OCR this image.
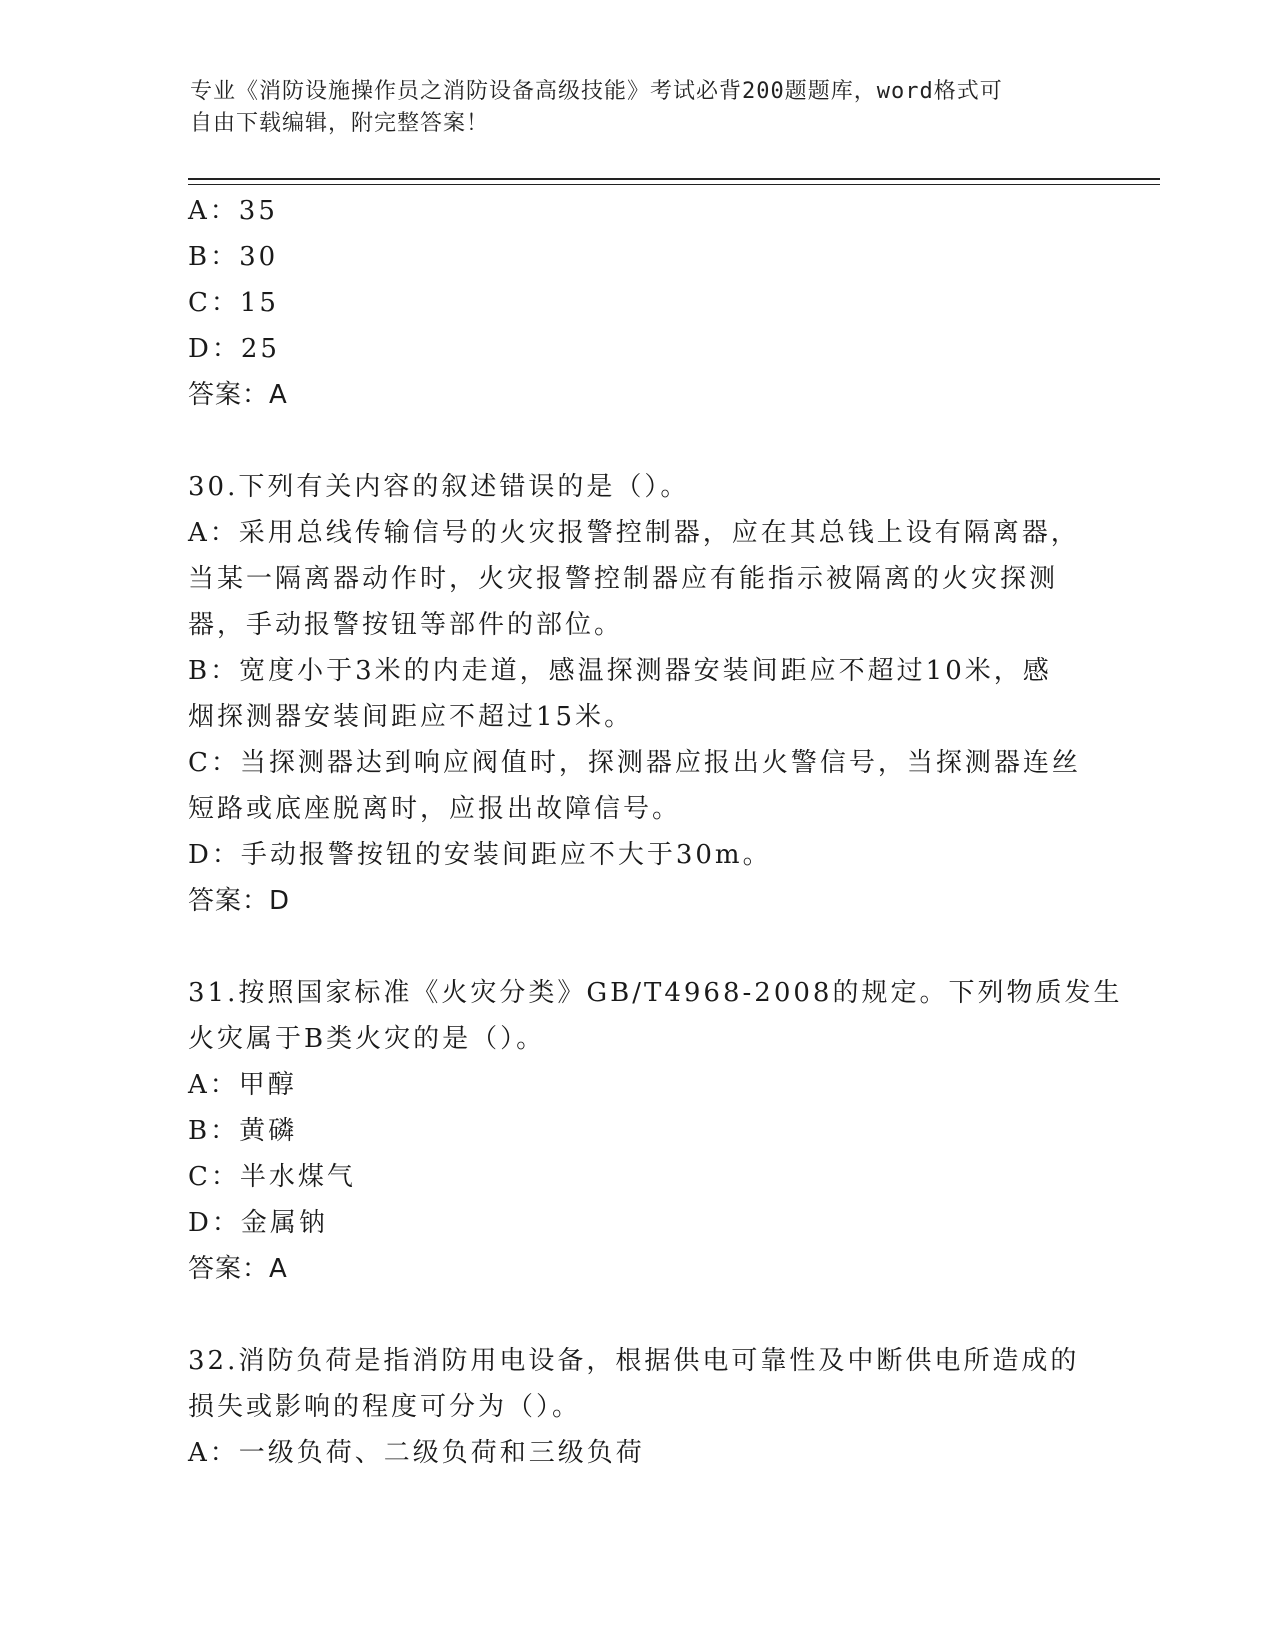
专业《消防设施操作员之消防设备高级技能》考试必背200题题库，word格式可
自由下载编辑，附完整答案！

A：35

B：30

C：15

D：25

答案：A

30.下列有关内容的叙述错误的是（）。

A：采用总线传输信号的火灾报警控制器，应在其总钱上设有隔离器，

当某一隔离器动作时，火灾报警控制器应有能指示被隔离的火灾探测

器，手动报警按钮等部件的部位。

B：宽度小于3米的内走道，感温探测器安装间距应不超过10米，感

烟探测器安装间距应不超过15米。

C：当探测器达到响应阀值时，探测器应报出火警信号，当探测器连丝

短路或底座脱离时，应报出故障信号。

D：手动报警按钮的安装间距应不大于30m。

答案：D

31.按照国家标准《火灾分类》GB/T4968-2008的规定。下列物质发生

火灾属于B类火灾的是（）。

A：甲醇

B：黄磷

C：半水煤气

D：金属钠

答案：A

32.消防负荷是指消防用电设备，根据供电可靠性及中断供电所造成的

损失或影响的程度可分为（）。

A：一级负荷、二级负荷和三级负荷
